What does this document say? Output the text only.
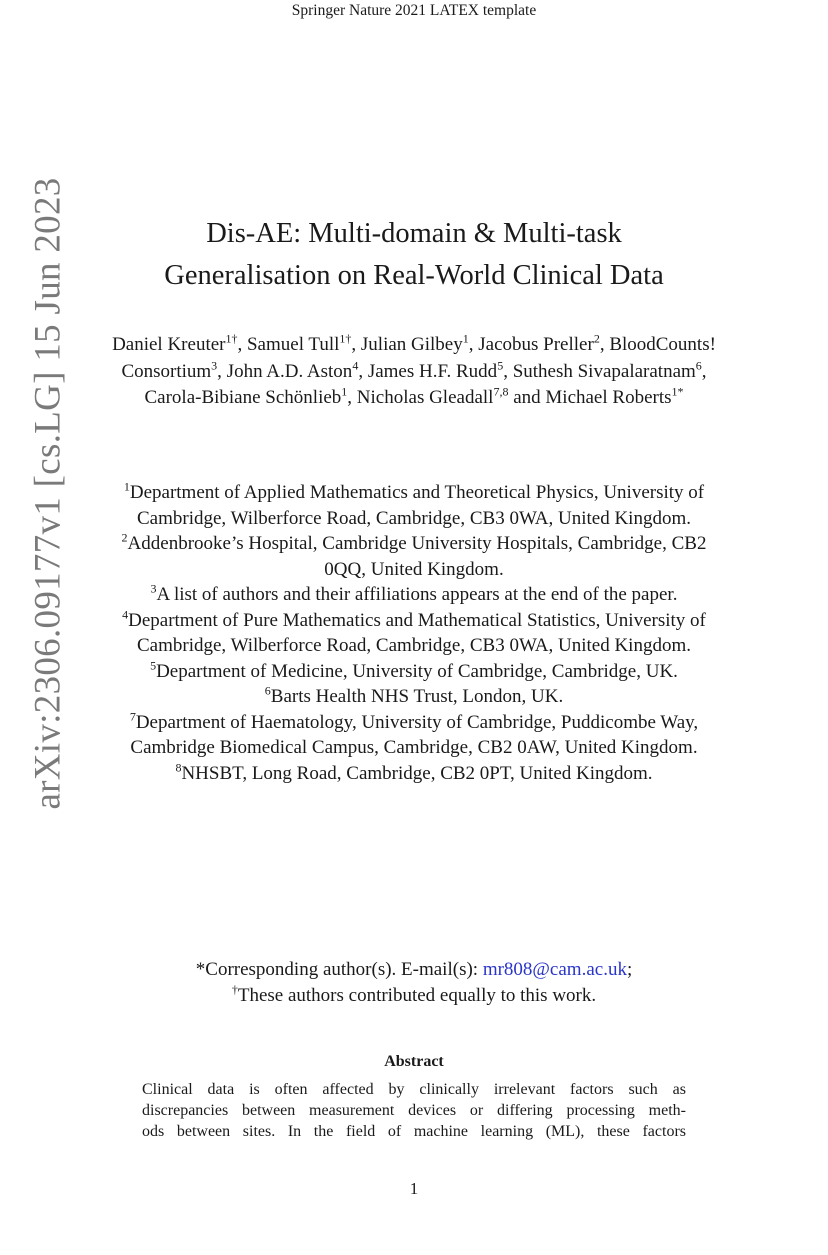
Springer Nature 2021 LATEX template
arXiv:2306.09177v1 [cs.LG] 15 Jun 2023	Dis-AE: Multi-domain & Multi-task
Generalisation on Real-World Clinical Data
Daniel Kreuter$^{1\dagger}$, Samuel Tull$^{1\dagger}$, Julian Gilbey$^1$, Jacobus Preller$^2$, BloodCounts! Consortium$^3$, John A.D. Aston$^4$, James H.F. Rudd$^5$, Suthesh Sivapalaratnam$^6$, Carola-Bibiane Schönlieb$^1$, Nicholas Gleadall$^{7,8}$ and Michael Roberts$^{1*}$
$^1$Department of Applied Mathematics and Theoretical Physics, University of Cambridge, Wilberforce Road, Cambridge, CB3 0WA, United Kingdom.
$^2$Addenbrooke’s Hospital, Cambridge University Hospitals, Cambridge, CB2 0QQ, United Kingdom.
$^3$A list of authors and their affiliations appears at the end of the paper.
$^4$Department of Pure Mathematics and Mathematical Statistics, University of Cambridge, Wilberforce Road, Cambridge, CB3 0WA, United Kingdom.
$^5$Department of Medicine, University of Cambridge, Cambridge, UK.
$^6$Barts Health NHS Trust, London, UK.
$^7$Department of Haematology, University of Cambridge, Puddicombe Way, Cambridge Biomedical Campus, Cambridge, CB2 0AW, United Kingdom.
$^8$NHSBT, Long Road, Cambridge, CB2 0PT, United Kingdom.
*Corresponding author(s). E-mail(s): mr808@cam.ac.uk;
†These authors contributed equally to this work.
Abstract
Clinical data is often affected by clinically irrelevant factors such as
discrepancies between measurement devices or differing processing meth-
ods between sites. In the field of machine learning (ML), these factors
1
